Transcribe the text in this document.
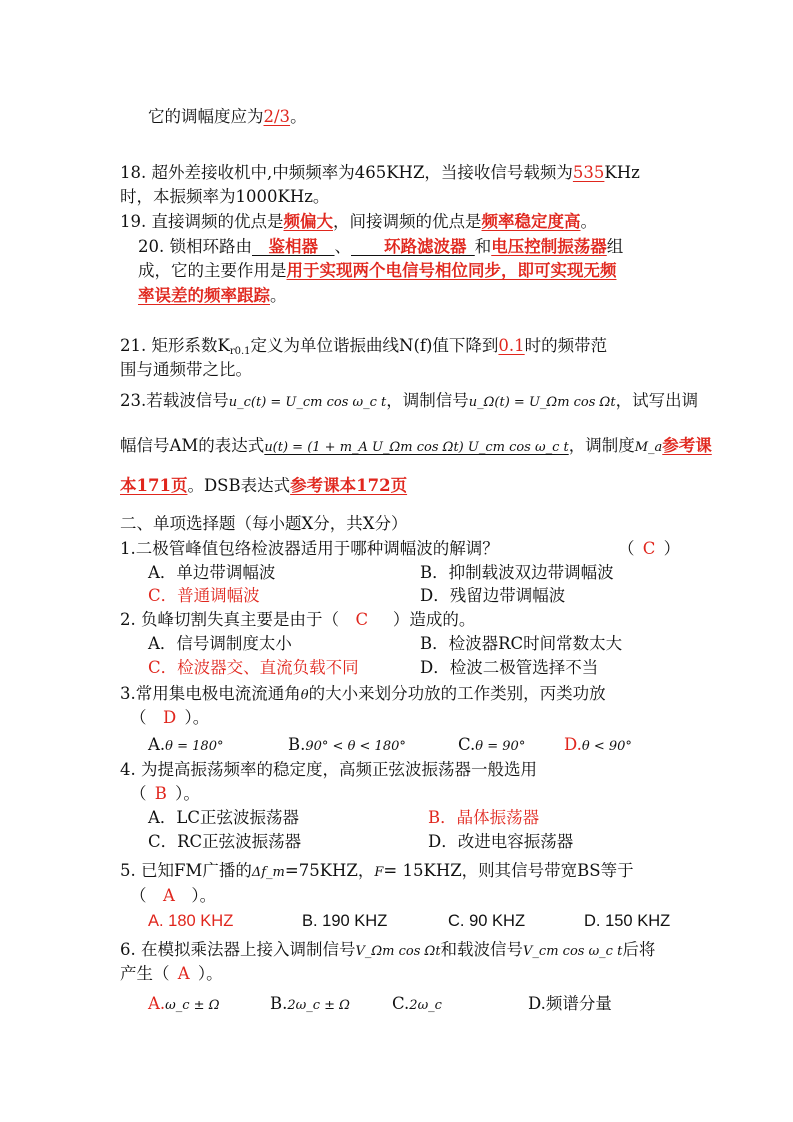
它的调幅度应为2/3。
18. 超外差接收机中,中频频率为465KHZ，当接收信号载频为535KHz
时，本振频率为1000KHz。
19. 直接调频的优点是频偏大，间接调频的优点是频率稳定度高。
20. 锁相环路由  鉴相器  、   环路滤波器  和电压控制振荡器组
成，它的主要作用是用于实现两个电信号相位同步，即可实现无频
率误差的频率跟踪。
21. 矩形系数$K_{r0.1}$定义为单位谐振曲线N(f)值下降到0.1时的频带范
围与通频带之比。
23.若载波信号u_c(t) = U_cm cos ω_c t，调制信号u_Ω(t) = U_Ωm cos Ωt，试写出调
幅信号AM的表达式u(t) = (1 + m_A U_Ωm cos Ωt) U_cm cos ω_c t，调制度M_a参考课
本171页。DSB表达式参考课本172页
二、单项选择题（每小题X分，共X分）
1.二极管峰值包络检波器适用于哪种调幅波的解调？	（  C  ）
A．单边带调幅波	B．抑制载波双边带调幅波
C．普通调幅波	D．残留边带调幅波
2. 负峰切割失真主要是由于（  C   ）造成的。
A．信号调制度太小	B．检波器RC时间常数太大
C．检波器交、直流负载不同	D．检波二极管选择不当
3.常用集电极电流流通角θ的大小来划分功放的工作类别，丙类功放
（  D  ）。
A.θ = 180°	B.90° < θ < 180°	C.θ = 90° D.θ < 90°
4. 为提高振荡频率的稳定度，高频正弦波振荡器一般选用
（  B  ）。
A．LC正弦波振荡器	B．晶体振荡器
C．RC正弦波振荡器	D．改进电容振荡器
5. 已知FM广播的Δf_m=75KHZ，F= 15KHZ，则其信号带宽BS等于
（  A  ）。
A. 180 KHZ	B. 190 KHZ	C. 90 KHZ	D. 150 KHZ
6. 在模拟乘法器上接入调制信号V_Ωm cos Ωt和载波信号V_cm cos ω_c t后将
产生（  A  ）。
A.ω_c ± Ω	B.2ω_c ± Ω	C.2ω_c	D.频谱分量
